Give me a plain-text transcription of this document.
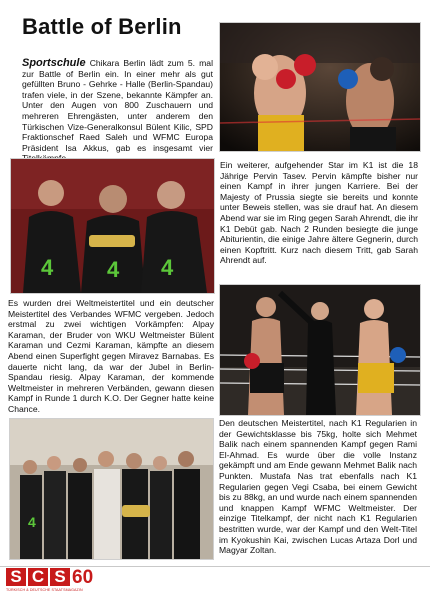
Battle of Berlin

Sportschule Chikara Berlin lädt zum 5. mal zur Battle of Berlin ein. In einer mehr als gut gefüllten Bruno - Gehrke - Halle (Berlin-Spandau) trafen viele, in der Szene, bekannte Kämpfer an. Unter den Augen von 800 Zuschauern und mehreren Ehrengästen, unter anderem den Türkischen Vize-Generalkonsul Bülent Kilic, SPD Fraktionschef Raed Saleh und WFMC Europa Präsident Isa Akkus, gab es insgesamt vier

4 4 4

Ein weiterer, aufgehender Star im K1 ist die 18 Jährige Pervin Tasev. Pervin kämpfte bisher nur einen Kampf in ihrer jungen Karriere. Bei der Majesty of Prussia siegte sie bereits und konnte unter Beweis stellen, was sie drauf hat. An diesem Abend war sie im Ring gegen Sarah Ahrendt, die ihr K1 Debüt gab. Nach 2 Runden besiegte die junge Abiturientin, die einige Jahre ältere Gegnerin, durch einen Kopftritt. Kurz nach diesem Tritt, gab Sarah Ahrendt auf.

Es wurden drei Weltmeistertitel und ein deutscher Meistertitel des Verbandes WFMC vergeben. Jedoch erstmal zu zwei wichtigen Vorkämpfen: Alpay Karaman, der Bruder von WKU Weltmeister Bülent Karaman und Cezmi Karaman, kämpfte an diesem Abend einen Superfight gegen Miravez Barnabas. Es dauerte nicht lang, da war der Jubel in Berlin-Spandau riesig. Alpay Karaman, der kommende Weltmeister in mehreren Verbänden, gewann diesen Kampf in Runde 1 durch K.O. Der Gegner hatte keine Chance.

4

Den deutschen Meistertitel, nach K1 Regularien in der Gewichtsklasse bis 75kg, holte sich Mehmet Balik nach einem spannenden Kampf gegen Rami El-Ahmad. Es wurde über die volle Instanz gekämpft und am Ende gewann Mehmet Balik nach Punkten. Mustafa Nas trat ebenfalls nach K1 Regularien gegen Vegi Csaba, bei einem Gewicht bis zu 88kg, an und wurde nach einem spannenden und knappen Kampf WFMC Weltmeister. Der einzige Titelkampf, der nicht nach K1 Regularien bestritten wurde, war der Kampf und den Welt-Titel im Kyokushin Kai, zwischen Lucas Artaza Dorl und Magyar Zoltan.

S C S 60
TÜRKISCH & DEUTSCHE STAATSMAGAZIN
